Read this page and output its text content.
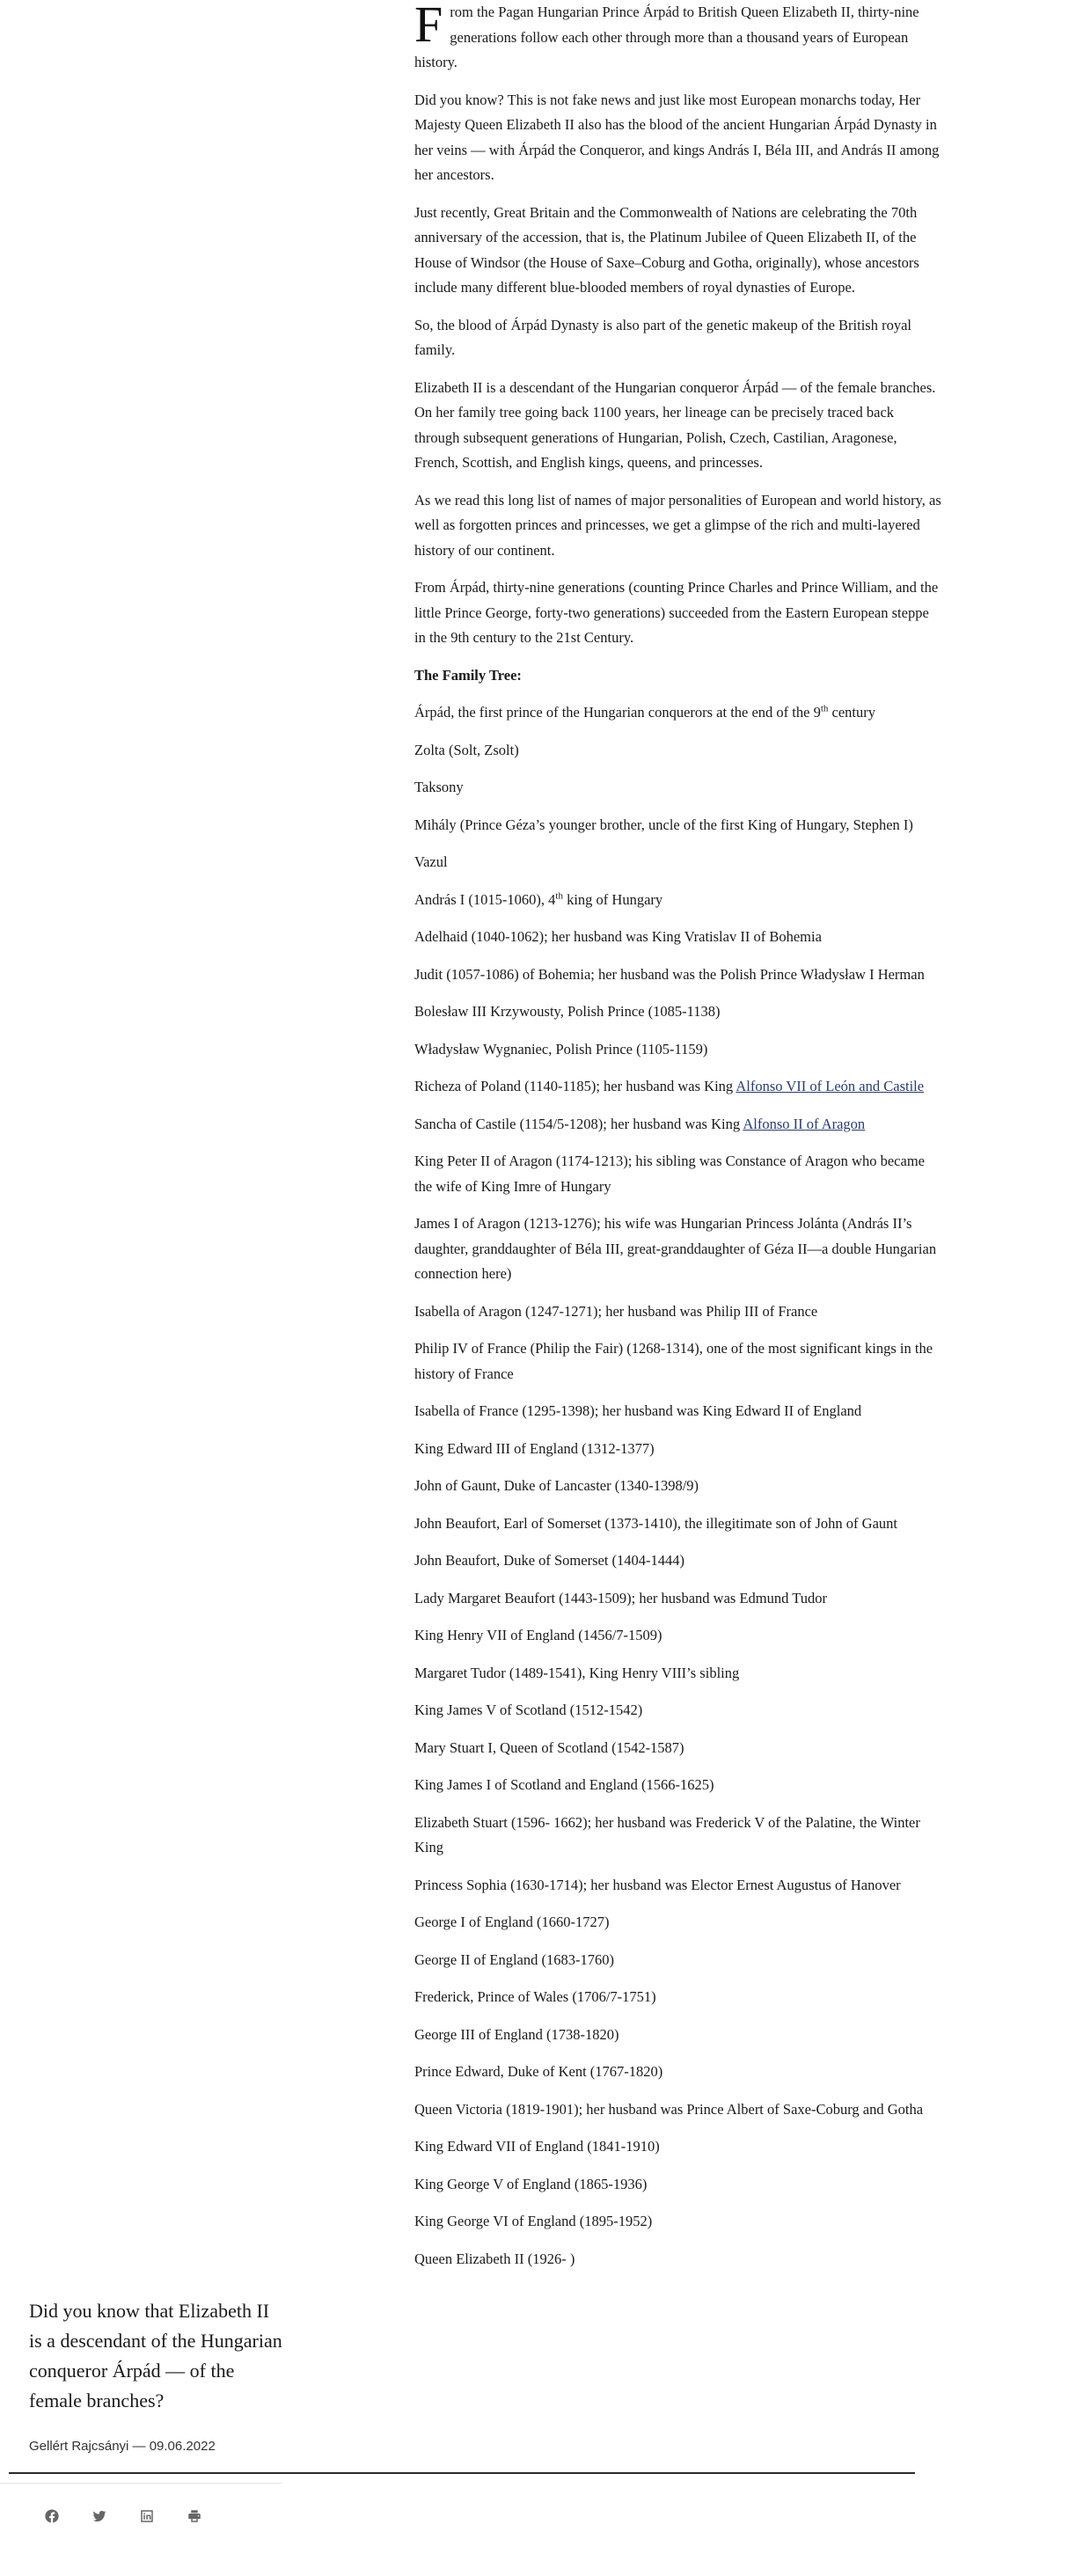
From the Pagan Hungarian Prince Árpád to British Queen Elizabeth II, thirty-nine generations follow each other through more than a thousand years of European history.

Did you know? This is not fake news and just like most European monarchs today, Her Majesty Queen Elizabeth II also has the blood of the ancient Hungarian Árpád Dynasty in her veins — with Árpád the Conqueror, and kings András I, Béla III, and András II among her ancestors.

Just recently, Great Britain and the Commonwealth of Nations are celebrating the 70th anniversary of the accession, that is, the Platinum Jubilee of Queen Elizabeth II, of the House of Windsor (the House of Saxe–Coburg and Gotha, originally), whose ancestors include many different blue-blooded members of royal dynasties of Europe.

So, the blood of Árpád Dynasty is also part of the genetic makeup of the British royal family.

Elizabeth II is a descendant of the Hungarian conqueror Árpád — of the female branches. On her family tree going back 1100 years, her lineage can be precisely traced back through subsequent generations of Hungarian, Polish, Czech, Castilian, Aragonese, French, Scottish, and English kings, queens, and princesses.

As we read this long list of names of major personalities of European and world history, as well as forgotten princes and princesses, we get a glimpse of the rich and multi-layered history of our continent.

From Árpád, thirty-nine generations (counting Prince Charles and Prince William, and the little Prince George, forty-two generations) succeeded from the Eastern European steppe in the 9th century to the 21st Century.

The Family Tree:

Árpád, the first prince of the Hungarian conquerors at the end of the 9th century

Zolta (Solt, Zsolt)

Taksony

Mihály (Prince Géza’s younger brother, uncle of the first King of Hungary, Stephen I)

Vazul

András I (1015-1060), 4th king of Hungary

Adelhaid (1040-1062); her husband was King Vratislav II of Bohemia

Judit (1057-1086) of Bohemia; her husband was the Polish Prince Władysław I Herman

Bolesław III Krzywousty, Polish Prince (1085-1138)

Władysław Wygnaniec, Polish Prince (1105-1159)

Richeza of Poland (1140-1185); her husband was King Alfonso VII of León and Castile

Sancha of Castile (1154/5-1208); her husband was King Alfonso II of Aragon

King Peter II of Aragon (1174-1213); his sibling was Constance of Aragon who became the wife of King Imre of Hungary

James I of Aragon (1213-1276); his wife was Hungarian Princess Jolánta (András II’s daughter, granddaughter of Béla III, great-granddaughter of Géza II—a double Hungarian connection here)

Isabella of Aragon (1247-1271); her husband was Philip III of France

Philip IV of France (Philip the Fair) (1268-1314), one of the most significant kings in the history of France

Isabella of France (1295-1398); her husband was King Edward II of England

King Edward III of England (1312-1377)

John of Gaunt, Duke of Lancaster (1340-1398/9)

John Beaufort, Earl of Somerset (1373-1410), the illegitimate son of John of Gaunt

John Beaufort, Duke of Somerset (1404-1444)

Lady Margaret Beaufort (1443-1509); her husband was Edmund Tudor

King Henry VII of England (1456/7-1509)

Margaret Tudor (1489-1541), King Henry VIII’s sibling

King James V of Scotland (1512-1542)

Mary Stuart I, Queen of Scotland (1542-1587)

King James I of Scotland and England (1566-1625)

Elizabeth Stuart (1596- 1662); her husband was Frederick V of the Palatine, the Winter King

Princess Sophia (1630-1714); her husband was Elector Ernest Augustus of Hanover

George I of England (1660-1727)

George II of England (1683-1760)

Frederick, Prince of Wales (1706/7-1751)

George III of England (1738-1820)

Prince Edward, Duke of Kent (1767-1820)

Queen Victoria (1819-1901); her husband was Prince Albert of Saxe-Coburg and Gotha

King Edward VII of England (1841-1910)

King George V of England (1865-1936)

King George VI of England (1895-1952)

Queen Elizabeth II (1926- )

Did you know that Elizabeth II is a descendant of the Hungarian conqueror Árpád — of the female branches?

Gellért Rajcsányi — 09.06.2022
